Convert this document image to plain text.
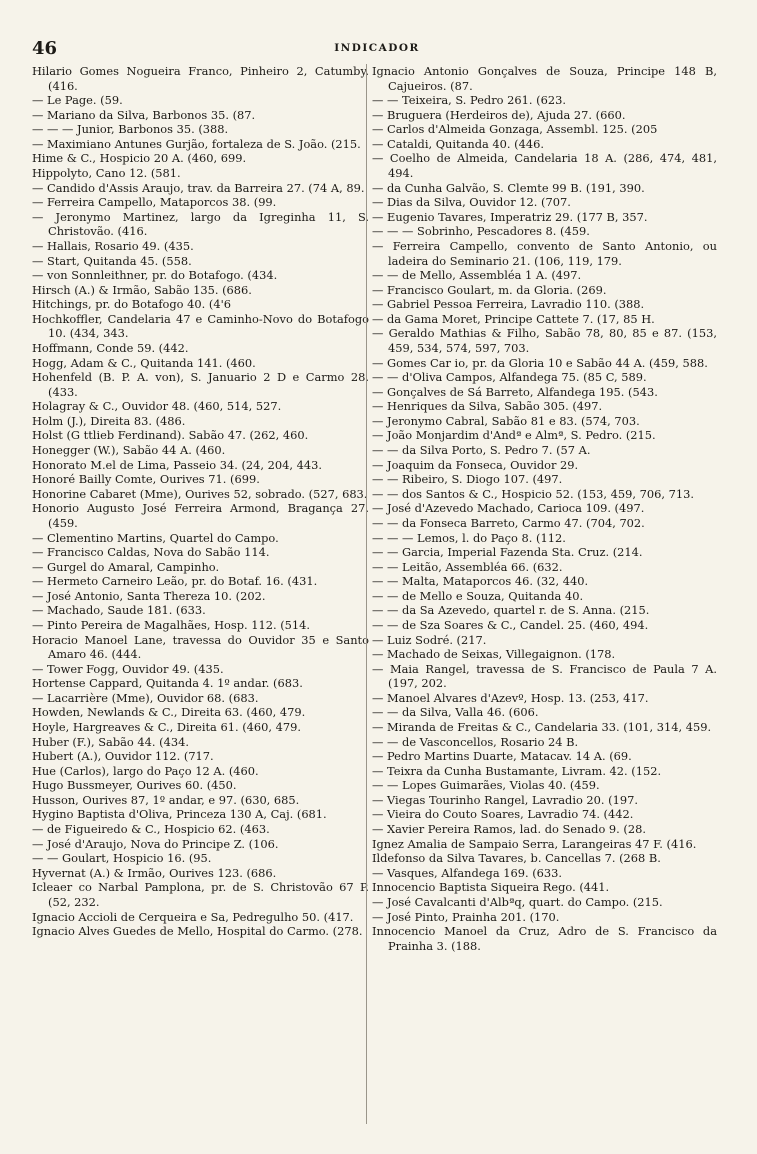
46	INDICADOR
Hilario Gomes Nogueira Franco, Pinheiro 2, Catumby. (416.
— Le Page. (59.
— Mariano da Silva, Barbonos 35. (87.
— — — Junior, Barbonos 35. (388.
— Maximiano Antunes Gurjão, fortaleza de S. João. (215.
Hime & C., Hospicio 20 A. (460, 699.
Hippolyto, Cano 12. (581.
— Candido d'Assis Araujo, trav. da Barreira 27. (74 A, 89.
— Ferreira Campello, Mataporcos 38. (99.
— Jeronymo Martinez, largo da Igreginha 11, S. Christovão. (416.
— Hallais, Rosario 49. (435.
— Start, Quitanda 45. (558.
— von Sonnleithner, pr. do Botafogo. (434.
Hirsch (A.) & Irmão, Sabão 135. (686.
Hitchings, pr. do Botafogo 40. (4'6
Hochkoffler, Candelaria 47 e Caminho-Novo do Botafogo 10. (434, 343.
Hoffmann, Conde 59. (442.
Hogg, Adam & C., Quitanda 141. (460.
Hohenfeld (B. P. A. von), S. Januario 2 D e Carmo 28. (433.
Holagray & C., Ouvidor 48. (460, 514, 527.
Holm (J.), Direita 83. (486.
Holst (G ttlieb Ferdinand). Sabão 47. (262, 460.
Honegger (W.), Sabão 44 A. (460.
Honorato M.el de Lima, Passeio 34. (24, 204, 443.
Honoré Bailly Comte, Ourives 71. (699.
Honorine Cabaret (Mme), Ourives 52, sobrado. (527, 683.
Honorio Augusto José Ferreira Armond, Bragança 27. (459.
— Clementino Martins, Quartel do Campo.
— Francisco Caldas, Nova do Sabão 114.
— Gurgel do Amaral, Campinho.
— Hermeto Carneiro Leão, pr. do Botaf. 16. (431.
— José Antonio, Santa Thereza 10. (202.
— Machado, Saude 181. (633.
— Pinto Pereira de Magalhães, Hosp. 112. (514.
Horacio Manoel Lane, travessa do Ouvidor 35 e Santo Amaro 46. (444.
— Tower Fogg, Ouvidor 49. (435.
Hortense Cappard, Quitanda 4. 1º andar. (683.
— Lacarrière (Mme), Ouvidor 68. (683.
Howden, Newlands & C., Direita 63. (460, 479.
Hoyle, Hargreaves & C., Direita 61. (460, 479.
Huber (F.), Sabão 44. (434.
Hubert (A.), Ouvidor 112. (717.
Hue (Carlos), largo do Paço 12 A. (460.
Hugo Bussmeyer, Ourives 60. (450.
Husson, Ourives 87, 1º andar, e 97. (630, 685.
Hygino Baptista d'Oliva, Princeza 130 A, Caj. (681.
— de Figueiredo & C., Hospicio 62. (463.
— José d'Araujo, Nova do Principe Z. (106.
— — Goulart, Hospicio 16. (95.
Hyvernat (A.) & Irmão, Ourives 123. (686.
Icleaer co Narbal Pamplona, pr. de S. Christovão 67 P. (52, 232.
Ignacio Accioli de Cerqueira e Sa, Pedregulho 50. (417.
Ignacio Alves Guedes de Mello, Hospital do Carmo. (278.
Ignacio Antonio Gonçalves de Souza, Principe 148 B, Cajueiros. (87.
— — Teixeira, S. Pedro 261. (623.
— Bruguera (Herdeiros de), Ajuda 27. (660.
— Carlos d'Almeida Gonzaga, Assembl. 125. (205
— Cataldi, Quitanda 40. (446.
— Coelho de Almeida, Candelaria 18 A. (286, 474, 481, 494.
— da Cunha Galvão, S. Clemte 99 B. (191, 390.
— Dias da Silva, Ouvidor 12. (707.
— Eugenio Tavares, Imperatriz 29. (177 B, 357.
— — — Sobrinho, Pescadores 8. (459.
— Ferreira Campello, convento de Santo Antonio, ou ladeira do Seminario 21. (106, 119, 179.
— — de Mello, Assembléa 1 A. (497.
— Francisco Goulart, m. da Gloria. (269.
— Gabriel Pessoa Ferreira, Lavradio 110. (388.
— da Gama Moret, Principe Cattete 7. (17, 85 H.
— Geraldo Mathias & Filho, Sabão 78, 80, 85 e 87. (153, 459, 534, 574, 597, 703.
— Gomes Car io, pr. da Gloria 10 e Sabão 44 A. (459, 588.
— — d'Oliva Campos, Alfandega 75. (85 C, 589.
— Gonçalves de Sá Barreto, Alfandega 195. (543.
— Henriques da Silva, Sabão 305. (497.
— Jeronymo Cabral, Sabão 81 e 83. (574, 703.
— João Monjardim d'Andª e Almª, S. Pedro. (215.
— — da Silva Porto, S. Pedro 7. (57 A.
— Joaquim da Fonseca, Ouvidor 29.
— — Ribeiro, S. Diogo 107. (497.
— — dos Santos & C., Hospicio 52. (153, 459, 706, 713.
— José d'Azevedo Machado, Carioca 109. (497.
— — da Fonseca Barreto, Carmo 47. (704, 702.
— — — Lemos, l. do Paço 8. (112.
— — Garcia, Imperial Fazenda Sta. Cruz. (214.
— — Leitão, Assembléa 66. (632.
— — Malta, Mataporcos 46. (32, 440.
— — de Mello e Souza, Quitanda 40.
— — da Sa Azevedo, quartel r. de S. Anna. (215.
— — de Sza Soares & C., Candel. 25. (460, 494.
— Luiz Sodré. (217.
— Machado de Seixas, Villegaignon. (178.
— Maia Rangel, travessa de S. Francisco de Paula 7 A. (197, 202.
— Manoel Alvares d'Azevº, Hosp. 13. (253, 417.
— — da Silva, Valla 46. (606.
— Miranda de Freitas & C., Candelaria 33. (101, 314, 459.
— — de Vasconcellos, Rosario 24 B.
— Pedro Martins Duarte, Matacav. 14 A. (69.
— Teixra da Cunha Bustamante, Livram. 42. (152.
— — Lopes Guimarães, Violas 40. (459.
— Viegas Tourinho Rangel, Lavradio 20. (197.
— Vieira do Couto Soares, Lavradio 74. (442.
— Xavier Pereira Ramos, lad. do Senado 9. (28.
Ignez Amalia de Sampaio Serra, Larangeiras 47 F. (416.
Ildefonso da Silva Tavares, b. Cancellas 7. (268 B.
— Vasques, Alfandega 169. (633.
Innocencio Baptista Siqueira Rego. (441.
— José Cavalcanti d'Albªq, quart. do Campo. (215.
— José Pinto, Prainha 201. (170.
Innocencio Manoel da Cruz, Adro de S. Francisco da Prainha 3. (188.
